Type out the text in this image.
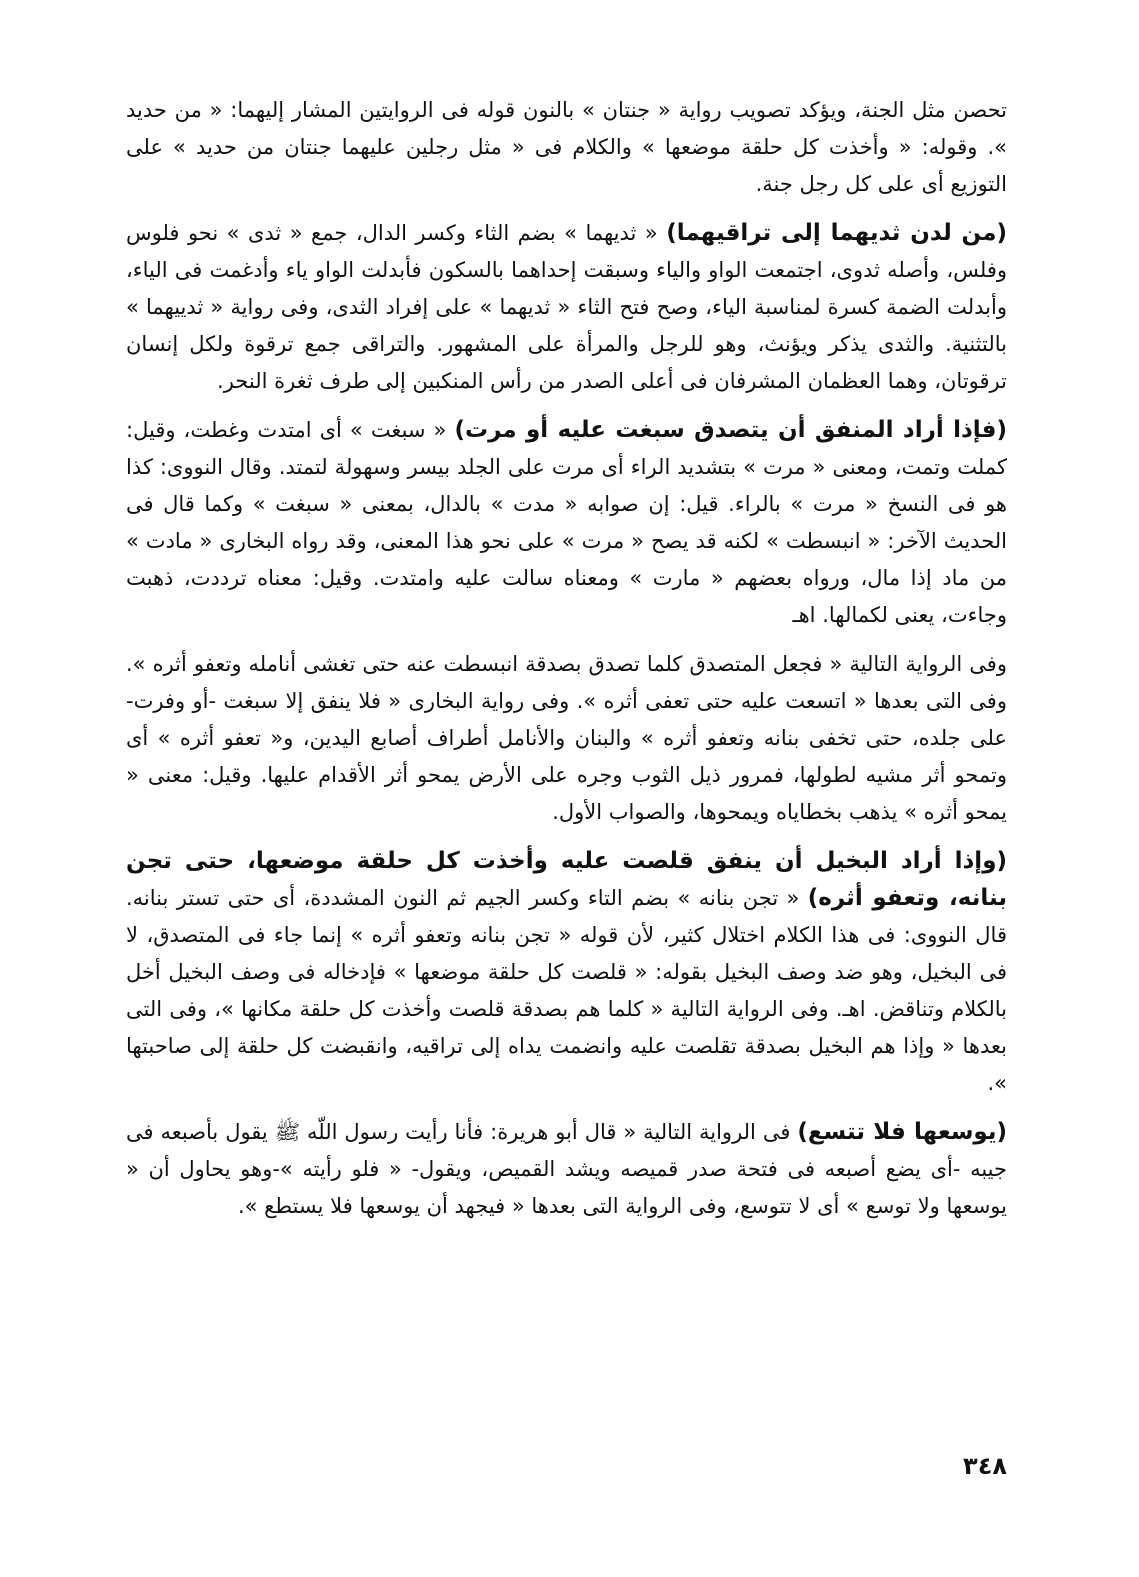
تحصن مثل الجنة، ويؤكد تصويب رواية « جنتان » بالنون قوله فى الروايتين المشار إليهما: « من حديد ». وقوله: « وأخذت كل حلقة موضعها » والكلام فى « مثل رجلين عليهما جنتان من حديد » على التوزيع أى على كل رجل جنة.

(من لدن ثديهما إلى تراقيهما) « ثديهما » بضم الثاء وكسر الدال، جمع « ثدى » نحو فلوس وفلس، وأصله ثدوى، اجتمعت الواو والياء وسبقت إحداهما بالسكون فأبدلت الواو ياء وأدغمت فى الياء، وأبدلت الضمة كسرة لمناسبة الياء، وصح فتح الثاء « ثديهما » على إفراد الثدى، وفى رواية « ثدييهما » بالتثنية. والثدى يذكر ويؤنث، وهو للرجل والمرأة على المشهور. والتراقى جمع ترقوة ولكل إنسان ترقوتان، وهما العظمان المشرفان فى أعلى الصدر من رأس المنكبين إلى طرف ثغرة النحر.

(فإذا أراد المنفق أن يتصدق سبغت عليه أو مرت) « سبغت » أى امتدت وغطت، وقيل: كملت وتمت، ومعنى « مرت » بتشديد الراء أى مرت على الجلد بيسر وسهولة لتمتد. وقال النووى: كذا هو فى النسخ « مرت » بالراء. قيل: إن صوابه « مدت » بالدال، بمعنى « سبغت » وكما قال فى الحديث الآخر: « انبسطت » لكنه قد يصح « مرت » على نحو هذا المعنى، وقد رواه البخارى « مادت » من ماد إذا مال، ورواه بعضهم « مارت » ومعناه سالت عليه وامتدت. وقيل: معناه ترددت، ذهبت وجاءت، يعنى لكمالها. اهـ

وفى الرواية التالية « فجعل المتصدق كلما تصدق بصدقة انبسطت عنه حتى تغشى أنامله وتعفو أثره ». وفى التى بعدها « اتسعت عليه حتى تعفى أثره ». وفى رواية البخارى « فلا ينفق إلا سبغت -أو وفرت- على جلده، حتى تخفى بنانه وتعفو أثره » والبنان والأنامل أطراف أصابع اليدين، و« تعفو أثره » أى وتمحو أثر مشيه لطولها، فمرور ذيل الثوب وجره على الأرض يمحو أثر الأقدام عليها. وقيل: معنى « يمحو أثره » يذهب بخطاياه ويمحوها، والصواب الأول.

(وإذا أراد البخيل أن ينفق قلصت عليه وأخذت كل حلقة موضعها، حتى تجن بنانه، وتعفو أثره) « تجن بنانه » بضم التاء وكسر الجيم ثم النون المشددة، أى حتى تستر بنانه. قال النووى: فى هذا الكلام اختلال كثير، لأن قوله « تجن بنانه وتعفو أثره » إنما جاء فى المتصدق، لا فى البخيل، وهو ضد وصف البخيل بقوله: « قلصت كل حلقة موضعها » فإدخاله فى وصف البخيل أخل بالكلام وتناقض. اهـ. وفى الرواية التالية « كلما هم بصدقة قلصت وأخذت كل حلقة مكانها »، وفى التى بعدها « وإذا هم البخيل بصدقة تقلصت عليه وانضمت يداه إلى تراقيه، وانقبضت كل حلقة إلى صاحبتها ».

(يوسعها فلا تتسع) فى الرواية التالية « قال أبو هريرة: فأنا رأيت رسول اللّه ﷺ يقول بأصبعه فى جيبه -أى يضع أصبعه فى فتحة صدر قميصه ويشد القميص، ويقول- « فلو رأيته »-وهو يحاول أن « يوسعها ولا توسع » أى لا تتوسع، وفى الرواية التى بعدها « فيجهد أن يوسعها فلا يستطع ».

٣٤٨
